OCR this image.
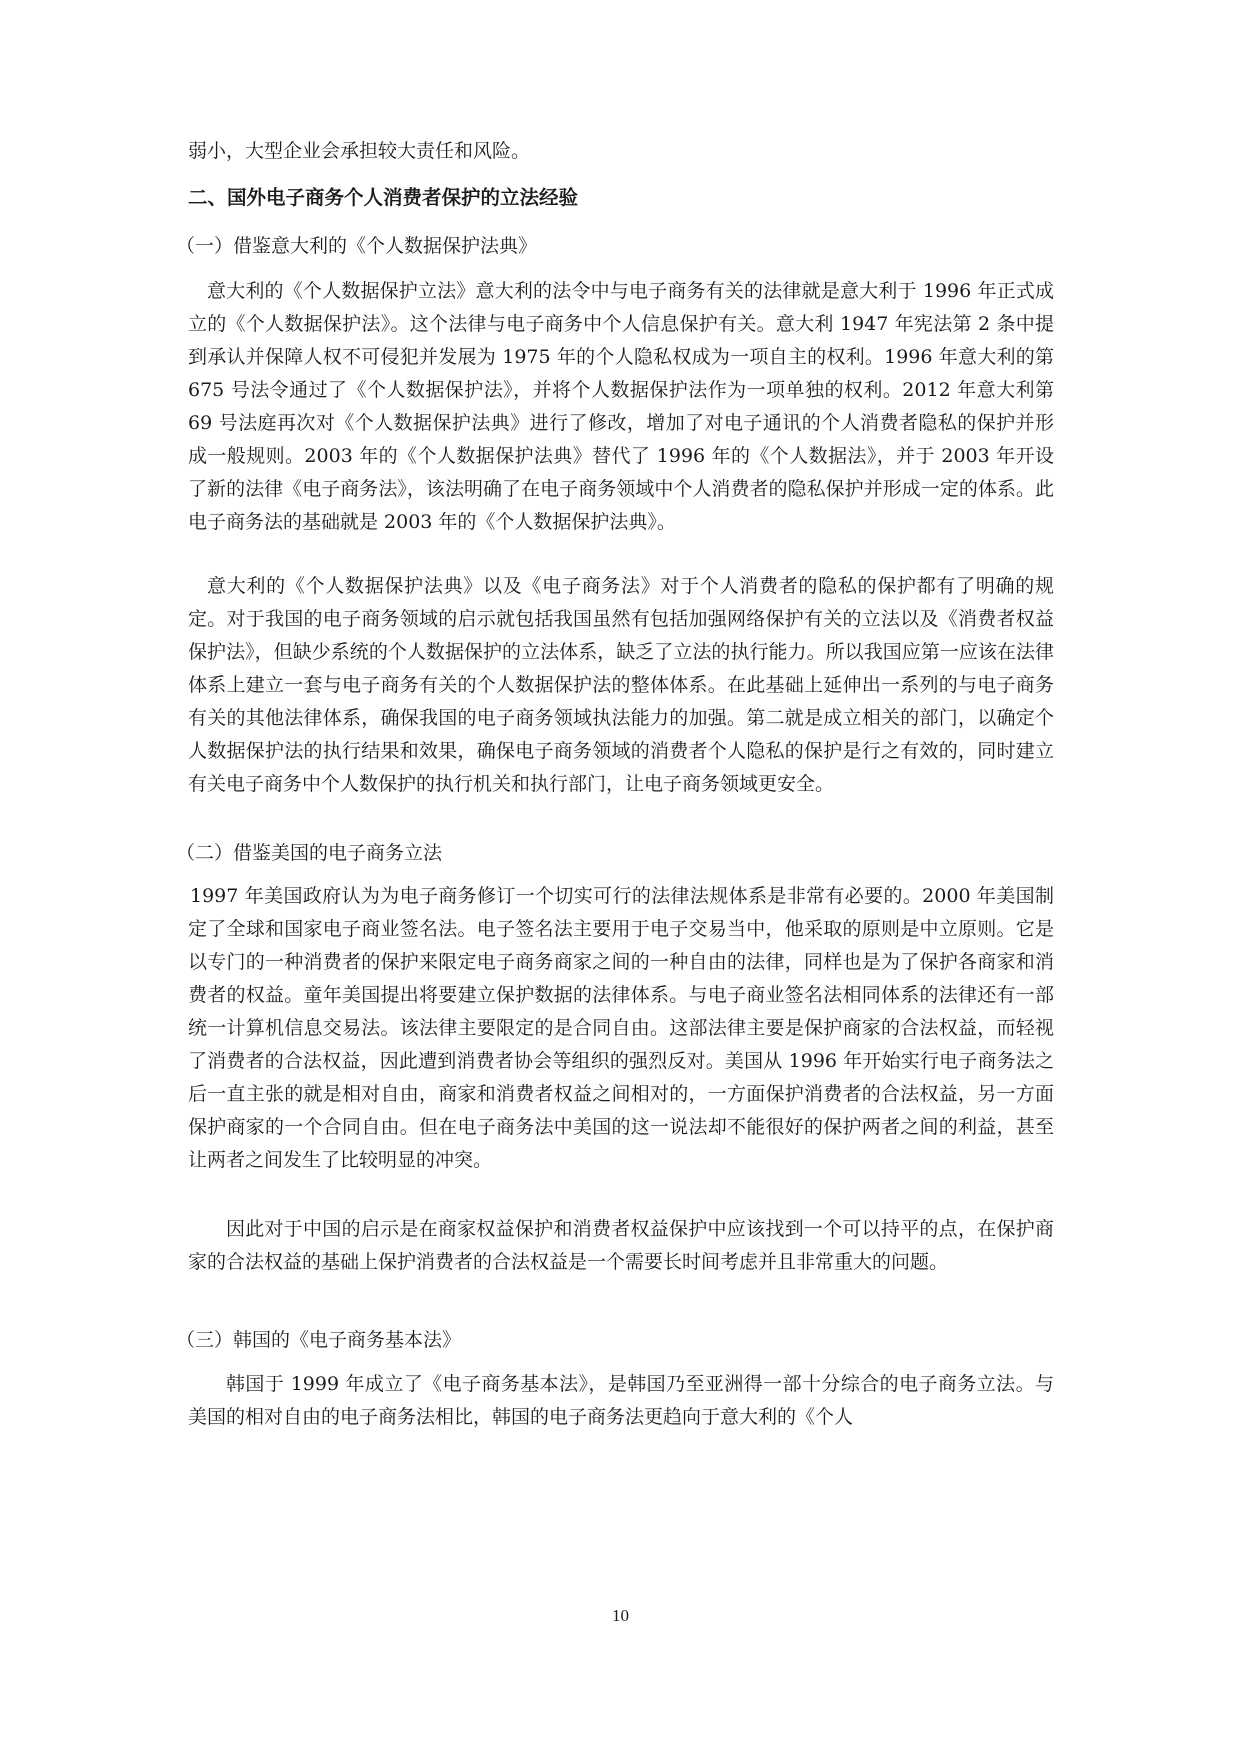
弱小，大型企业会承担较大责任和风险。
二、国外电子商务个人消费者保护的立法经验
（一）借鉴意大利的《个人数据保护法典》
意大利的《个人数据保护立法》意大利的法令中与电子商务有关的法律就是意大利于 1996 年正式成立的《个人数据保护法》。这个法律与电子商务中个人信息保护有关。意大利 1947 年宪法第 2 条中提到承认并保障人权不可侵犯并发展为 1975 年的个人隐私权成为一项自主的权利。1996 年意大利的第 675 号法令通过了《个人数据保护法》，并将个人数据保护法作为一项单独的权利。2012 年意大利第 69 号法庭再次对《个人数据保护法典》进行了修改，增加了对电子通讯的个人消费者隐私的保护并形成一般规则。2003 年的《个人数据保护法典》替代了 1996 年的《个人数据法》，并于 2003 年开设了新的法律《电子商务法》，该法明确了在电子商务领域中个人消费者的隐私保护并形成一定的体系。此电子商务法的基础就是 2003 年的《个人数据保护法典》。
意大利的《个人数据保护法典》以及《电子商务法》对于个人消费者的隐私的保护都有了明确的规定。对于我国的电子商务领域的启示就包括我国虽然有包括加强网络保护有关的立法以及《消费者权益保护法》，但缺少系统的个人数据保护的立法体系，缺乏了立法的执行能力。所以我国应第一应该在法律体系上建立一套与电子商务有关的个人数据保护法的整体体系。在此基础上延伸出一系列的与电子商务有关的其他法律体系，确保我国的电子商务领域执法能力的加强。第二就是成立相关的部门，以确定个人数据保护法的执行结果和效果，确保电子商务领域的消费者个人隐私的保护是行之有效的，同时建立有关电子商务中个人数保护的执行机关和执行部门，让电子商务领域更安全。
（二）借鉴美国的电子商务立法
1997 年美国政府认为为电子商务修订一个切实可行的法律法规体系是非常有必要的。2000 年美国制定了全球和国家电子商业签名法。电子签名法主要用于电子交易当中，他采取的原则是中立原则。它是以专门的一种消费者的保护来限定电子商务商家之间的一种自由的法律，同样也是为了保护各商家和消费者的权益。童年美国提出将要建立保护数据的法律体系。与电子商业签名法相同体系的法律还有一部统一计算机信息交易法。该法律主要限定的是合同自由。这部法律主要是保护商家的合法权益，而轻视了消费者的合法权益，因此遭到消费者协会等组织的强烈反对。美国从 1996 年开始实行电子商务法之后一直主张的就是相对自由，商家和消费者权益之间相对的，一方面保护消费者的合法权益，另一方面保护商家的一个合同自由。但在电子商务法中美国的这一说法却不能很好的保护两者之间的利益，甚至让两者之间发生了比较明显的冲突。
因此对于中国的启示是在商家权益保护和消费者权益保护中应该找到一个可以持平的点，在保护商家的合法权益的基础上保护消费者的合法权益是一个需要长时间考虑并且非常重大的问题。
（三）韩国的《电子商务基本法》
韩国于 1999 年成立了《电子商务基本法》，是韩国乃至亚洲得一部十分综合的电子商务立法。与美国的相对自由的电子商务法相比，韩国的电子商务法更趋向于意大利的《个人
10
